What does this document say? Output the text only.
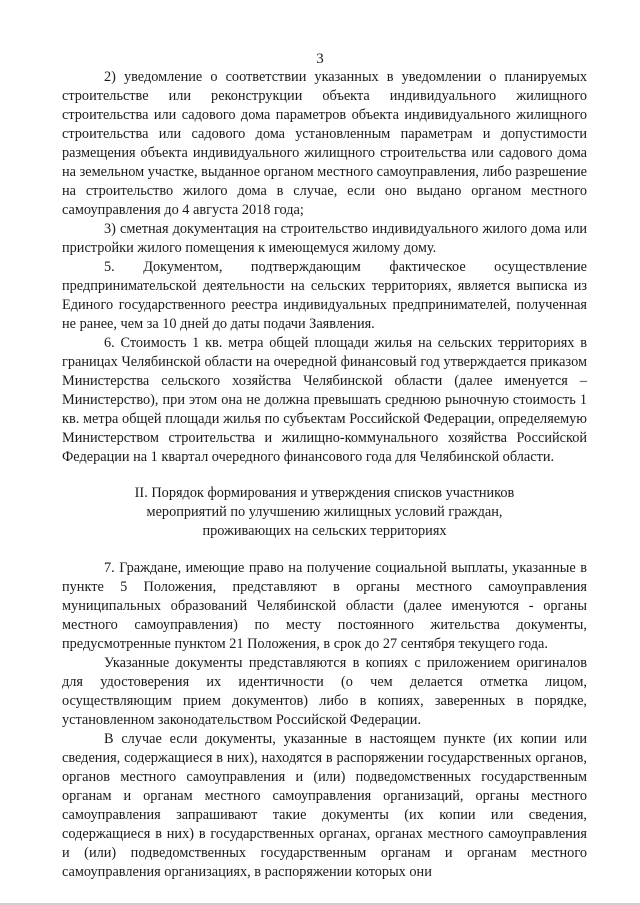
3

2) уведомление о соответствии указанных в уведомлении о планируемых строительстве или реконструкции объекта индивидуального жилищного строительства или садового дома параметров объекта индивидуального жилищного строительства или садового дома установленным параметрам и допустимости размещения объекта индивидуального жилищного строительства или садового дома на земельном участке, выданное органом местного самоуправления, либо разрешение на строительство жилого дома в случае, если оно выдано органом местного самоуправления до 4 августа 2018 года;

3) сметная документация на строительство индивидуального жилого дома или пристройки жилого помещения к имеющемуся жилому дому.

5. Документом, подтверждающим фактическое осуществление предпринимательской деятельности на сельских территориях, является выписка из Единого государственного реестра индивидуальных предпринимателей, полученная не ранее, чем за 10 дней до даты подачи Заявления.

6. Стоимость 1 кв. метра общей площади жилья на сельских территориях в границах Челябинской области на очередной финансовый год утверждается приказом Министерства сельского хозяйства Челябинской области (далее именуется – Министерство), при этом она не должна превышать среднюю рыночную стоимость 1 кв. метра общей площади жилья по субъектам Российской Федерации, определяемую Министерством строительства и жилищно-коммунального хозяйства Российской Федерации на 1 квартал очередного финансового года для Челябинской области.

II. Порядок формирования и утверждения списков участников
мероприятий по улучшению жилищных условий граждан,
проживающих на сельских территориях

7. Граждане, имеющие право на получение социальной выплаты, указанные в пункте 5 Положения, представляют в органы местного самоуправления муниципальных образований Челябинской области (далее именуются - органы местного самоуправления) по месту постоянного жительства документы, предусмотренные пунктом 21 Положения, в срок до 27 сентября текущего года.

Указанные документы представляются в копиях с приложением оригиналов для удостоверения их идентичности (о чем делается отметка лицом, осуществляющим прием документов) либо в копиях, заверенных в порядке, установленном законодательством Российской Федерации.

В случае если документы, указанные в настоящем пункте (их копии или сведения, содержащиеся в них), находятся в распоряжении государственных органов, органов местного самоуправления и (или) подведомственных государственным органам и органам местного самоуправления организаций, органы местного самоуправления запрашивают такие документы (их копии или сведения, содержащиеся в них) в государственных органах, органах местного самоуправления и (или) подведомственных государственным органам и органам местного самоуправления организациях, в распоряжении которых они
